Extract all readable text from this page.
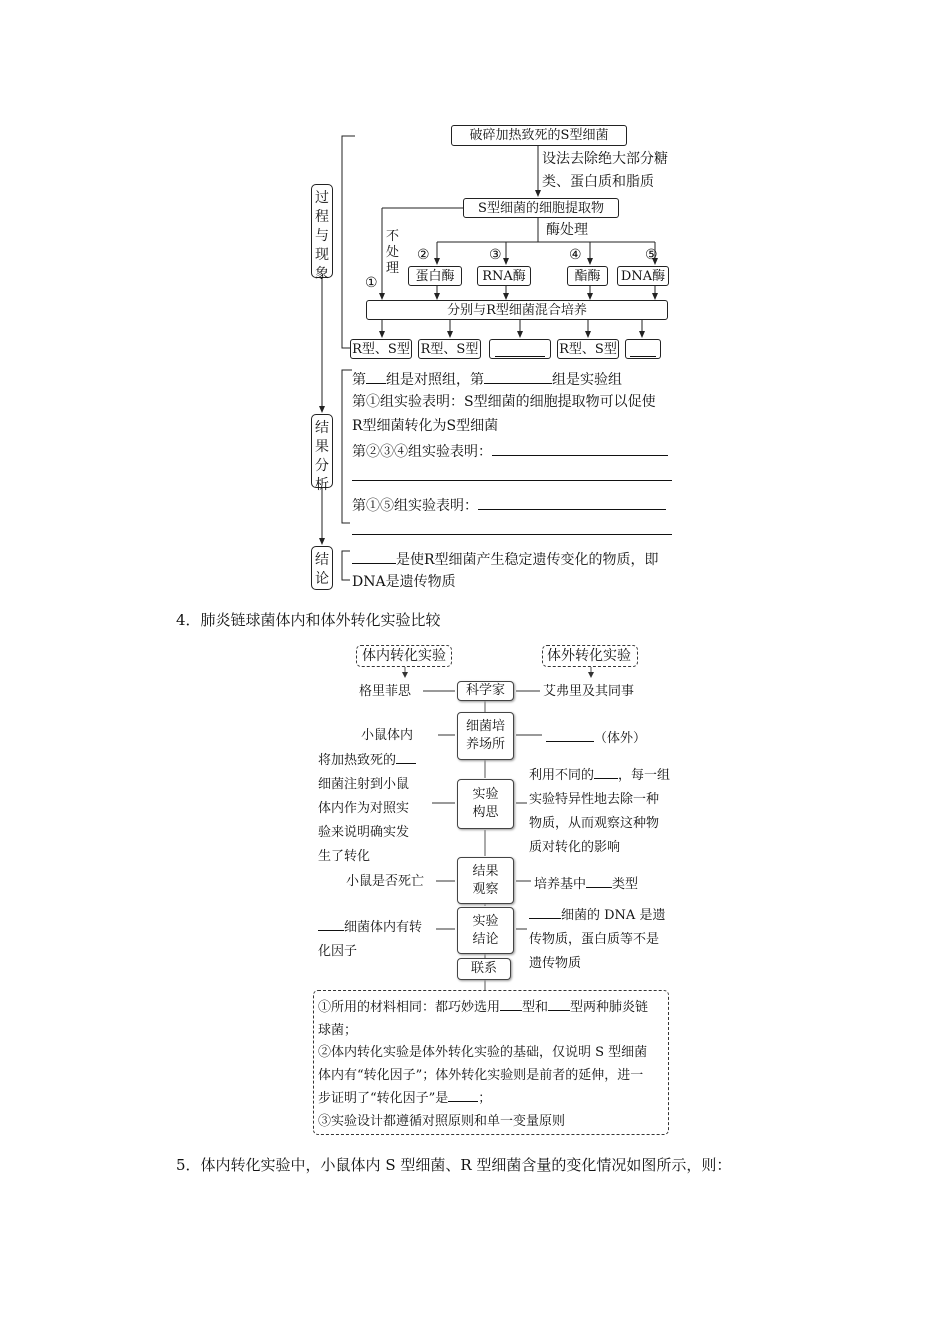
破碎加热致死的S型细菌
设法去除绝大部分糖
类、蛋白质和脂质
S型细菌的细胞提取物
酶处理
不
处
理
①
②	③	④	⑤
蛋白酶 RNA酶	酯酶 DNA酶
分别与R型细菌混合培养
R型、S型 R型、S型	R型、S型
过
程
与
现
象
结
果
分
析
结
论
第 组是对照组，第	组是实验组
第①组实验表明：S型细菌的细胞提取物可以促使
R型细菌转化为S型细菌
第②③④组实验表明：
第①⑤组实验表明：
是使R型细菌产生稳定遗传变化的物质，即
DNA是遗传物质
4．肺炎链球菌体内和体外转化实验比较
体内转化实验	体外转化实验
科学家
细菌培
养场所
实验
构思
结果
观察
实验
结论
联系
格里菲思
小鼠体内
将加热致死的
细菌注射到小鼠
体内作为对照实
验来说明确实发
生了转化
小鼠是否死亡
细菌体内有转
化因子
艾弗里及其同事
（体外）
利用不同的 ，每一组
实验特异性地去除一种
物质，从而观察这种物
质对转化的影响
培养基中 类型
细菌的 DNA 是遗
传物质，蛋白质等不是
遗传物质
①所用的材料相同：都巧妙选用 型和 型两种肺炎链
球菌；
②体内转化实验是体外转化实验的基础，仅说明 S 型细菌
体内有“转化因子”；体外转化实验则是前者的延伸，进一
步证明了“转化因子”是 ；
③实验设计都遵循对照原则和单一变量原则
5．体内转化实验中，小鼠体内 S 型细菌、R 型细菌含量的变化情况如图所示，则：
